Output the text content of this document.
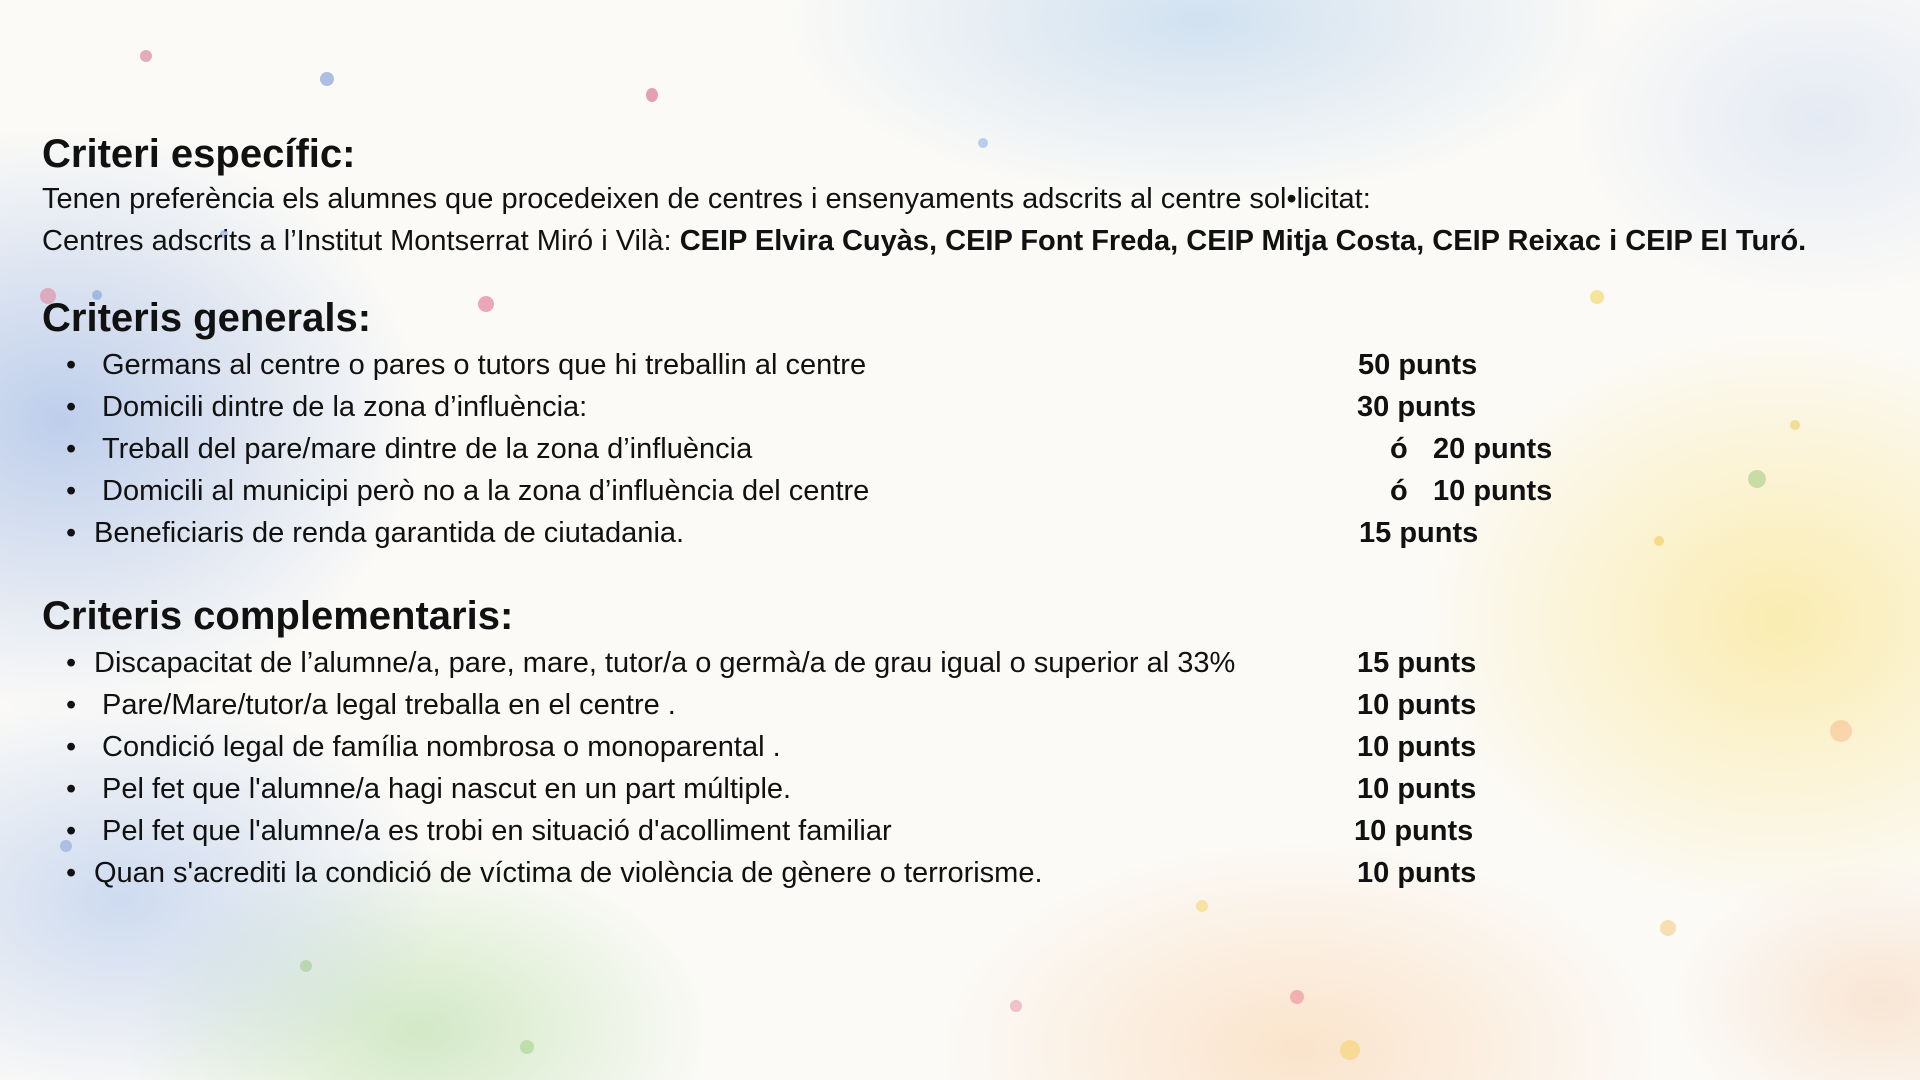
Criteri específic:
Tenen preferència els alumnes que procedeixen de centres i ensenyaments adscrits al centre sol•licitat:
Centres adscrits a l’Institut Montserrat Miró i Vilà: CEIP Elvira Cuyàs, CEIP Font Freda, CEIP Mitja Costa, CEIP Reixac i CEIP El Turó.
Criteris generals:
• Germans al centre o pares o tutors que hi treballin al centre	50 punts
• Domicili dintre de la zona d’influència:	30 punts
• Treball del pare/mare dintre de la zona d’influència	ó 20 punts
• Domicili al municipi però no a la zona d’influència del centre	ó 10 punts
• Beneficiaris de renda garantida de ciutadania.	15 punts
Criteris complementaris:
• Discapacitat de l’alumne/a, pare, mare, tutor/a o germà/a de grau igual o superior al 33%	15 punts
• Pare/Mare/tutor/a legal treballa en el centre .	10 punts
• Condició legal de família nombrosa o monoparental .	10 punts
• Pel fet que l'alumne/a hagi nascut en un part múltiple.	10 punts
• Pel fet que l'alumne/a es trobi en situació d'acolliment familiar	10 punts
• Quan s'acrediti la condició de víctima de violència de gènere o terrorisme.	10 punts
